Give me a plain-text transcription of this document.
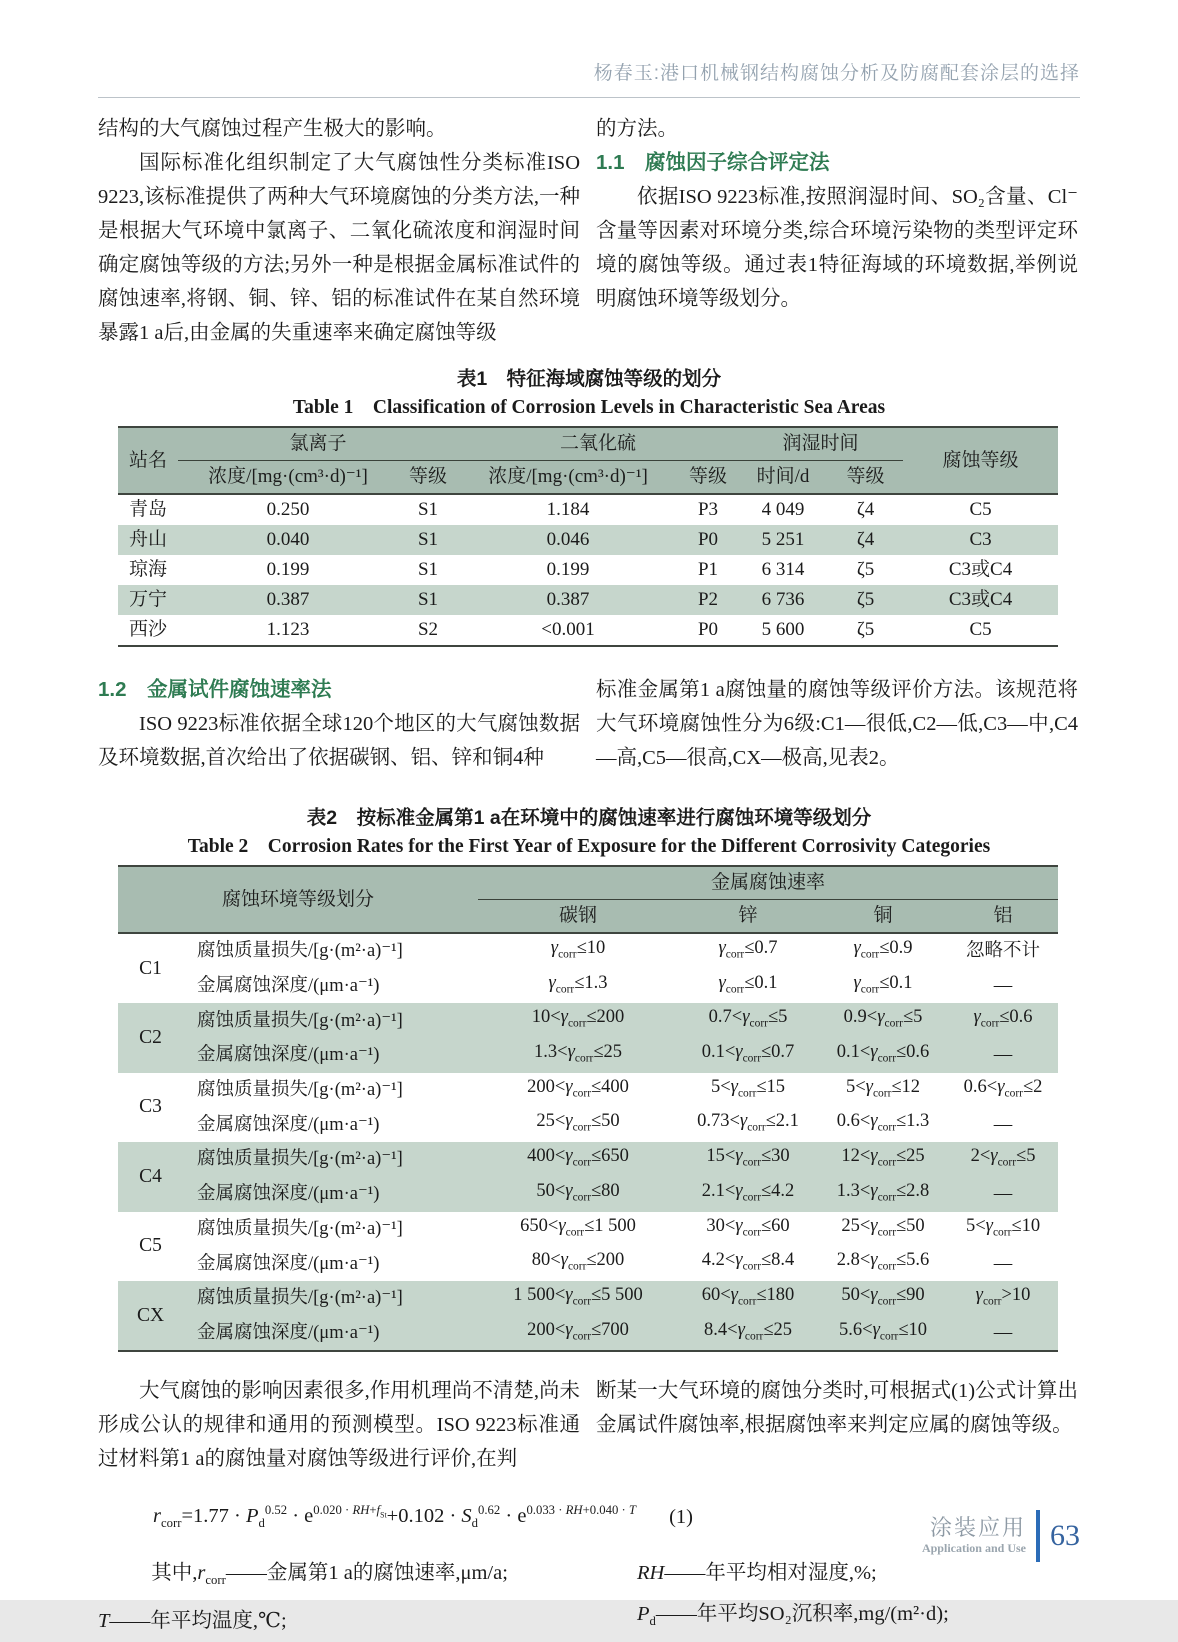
杨春玉:港口机械钢结构腐蚀分析及防腐配套涂层的选择

结构的大气腐蚀过程产生极大的影响。

国际标准化组织制定了大气腐蚀性分类标准ISO 9223,该标准提供了两种大气环境腐蚀的分类方法,一种是根据大气环境中氯离子、二氧化硫浓度和润湿时间确定腐蚀等级的方法;另外一种是根据金属标准试件的腐蚀速率,将钢、铜、锌、铝的标准试件在某自然环境暴露1 a后,由金属的失重速率来确定腐蚀等级

的方法。

1.1　腐蚀因子综合评定法

依据ISO 9223标准,按照润湿时间、SO₂含量、Cl⁻含量等因素对环境分类,综合环境污染物的类型评定环境的腐蚀等级。通过表1特征海域的环境数据,举例说明腐蚀环境等级划分。

表1　特征海域腐蚀等级的划分
Table 1　Classification of Corrosion Levels in Characteristic Sea Areas
站名	氯离子		二氧化硫		润湿时间		腐蚀等级
	浓度/[mg·(cm³·d)⁻¹]	等级	浓度/[mg·(cm³·d)⁻¹]	等级	时间/d	等级	
青岛	0.250	S1	1.184	P3	4 049	ζ4	C5
舟山	0.040	S1	0.046	P0	5 251	ζ4	C3
琼海	0.199	S1	0.199	P1	6 314	ζ5	C3或C4
万宁	0.387	S1	0.387	P2	6 736	ζ5	C3或C4
西沙	1.123	S2	<0.001	P0	5 600	ζ5	C5
1.2　金属试件腐蚀速率法

ISO 9223标准依据全球120个地区的大气腐蚀数据及环境数据,首次给出了依据碳钢、铝、锌和铜4种

标准金属第1 a腐蚀量的腐蚀等级评价方法。该规范将大气环境腐蚀性分为6级:C1—很低,C2—低,C3—中,C4—高,C5—很高,CX—极高,见表2。

表2　按标准金属第1 a在环境中的腐蚀速率进行腐蚀环境等级划分
Table 2　Corrosion Rates for the First Year of Exposure for the Different Corrosivity Categories
腐蚀环境等级划分		金属腐蚀速率			
		碳钢	锌	铜	铝
C1	腐蚀质量损失/[g·(m²·a)⁻¹]	$\gamma_{corr}\le 10$	$\gamma_{corr}\le 0.7$	$\gamma_{corr}\le 0.9$	忽略不计
	金属腐蚀深度/(μm·a⁻¹)	$\gamma_{corr}\le 1.3$	$\gamma_{corr}\le 0.1$	$\gamma_{corr}\le 0.1$	—
C2	腐蚀质量损失/[g·(m²·a)⁻¹]	$10<\gamma_{corr}\le 200$	$0.7<\gamma_{corr}\le 5$	$0.9<\gamma_{corr}\le 5$	$\gamma_{corr}\le 0.6$
	金属腐蚀深度/(μm·a⁻¹)	$1.3<\gamma_{corr}\le 25$	$0.1<\gamma_{corr}\le 0.7$	$0.1<\gamma_{corr}\le 0.6$	—
C3	腐蚀质量损失/[g·(m²·a)⁻¹]	$200<\gamma_{corr}\le 400$	$5<\gamma_{corr}\le 15$	$5<\gamma_{corr}\le 12$	$0.6<\gamma_{corr}\le 2$
	金属腐蚀深度/(μm·a⁻¹)	$25<\gamma_{corr}\le 50$	$0.73<\gamma_{corr}\le 2.1$	$0.6<\gamma_{corr}\le 1.3$	—
C4	腐蚀质量损失/[g·(m²·a)⁻¹]	$400<\gamma_{corr}\le 650$	$15<\gamma_{corr}\le 30$	$12<\gamma_{corr}\le 25$	$2<\gamma_{corr}\le 5$
	金属腐蚀深度/(μm·a⁻¹)	$50<\gamma_{corr}\le 80$	$2.1<\gamma_{corr}\le 4.2$	$1.3<\gamma_{corr}\le 2.8$	—
C5	腐蚀质量损失/[g·(m²·a)⁻¹]	$650<\gamma_{corr}\le 1$ 500	$30<\gamma_{corr}\le 60$	$25<\gamma_{corr}\le 50$	$5<\gamma_{corr}\le 10$
	金属腐蚀深度/(μm·a⁻¹)	$80<\gamma_{corr}\le 200$	$4.2<\gamma_{corr}\le 8.4$	$2.8<\gamma_{corr}\le 5.6$	—
CX	腐蚀质量损失/[g·(m²·a)⁻¹]	1 $500<\gamma_{corr}\le 5$ 500	$60<\gamma_{corr}\le 180$	$50<\gamma_{corr}\le 90$	$\gamma_{corr}>10$
	金属腐蚀深度/(μm·a⁻¹)	$200<\gamma_{corr}\le 700$	$8.4<\gamma_{corr}\le 25$	$5.6<\gamma_{corr}\le 10$	—

大气腐蚀的影响因素很多,作用机理尚不清楚,尚未形成公认的规律和通用的预测模型。ISO 9223标准通过材料第1 a的腐蚀量对腐蚀等级进行评价,在判

断某一大气环境的腐蚀分类时,可根据式(1)公式计算出金属试件腐蚀率,根据腐蚀率来判定应属的腐蚀等级。

$r_{corr}=1.77 \cdot P_d^{0.52} \cdot e^{0.020 \cdot RH+f_{St}}+0.102 \cdot S_d^{0.62} \cdot e^{0.033 \cdot RH+0.040 \cdot T}$ (1)

其中$,r_{corr}——$金属第1 a的腐蚀速率,μm/a;

T——年平均温度,℃;

RH——年平均相对湿度,%;

$P_d——$年平均SO₂沉积率,mg/(m²·d);

涂装应用
Application and Use 63
